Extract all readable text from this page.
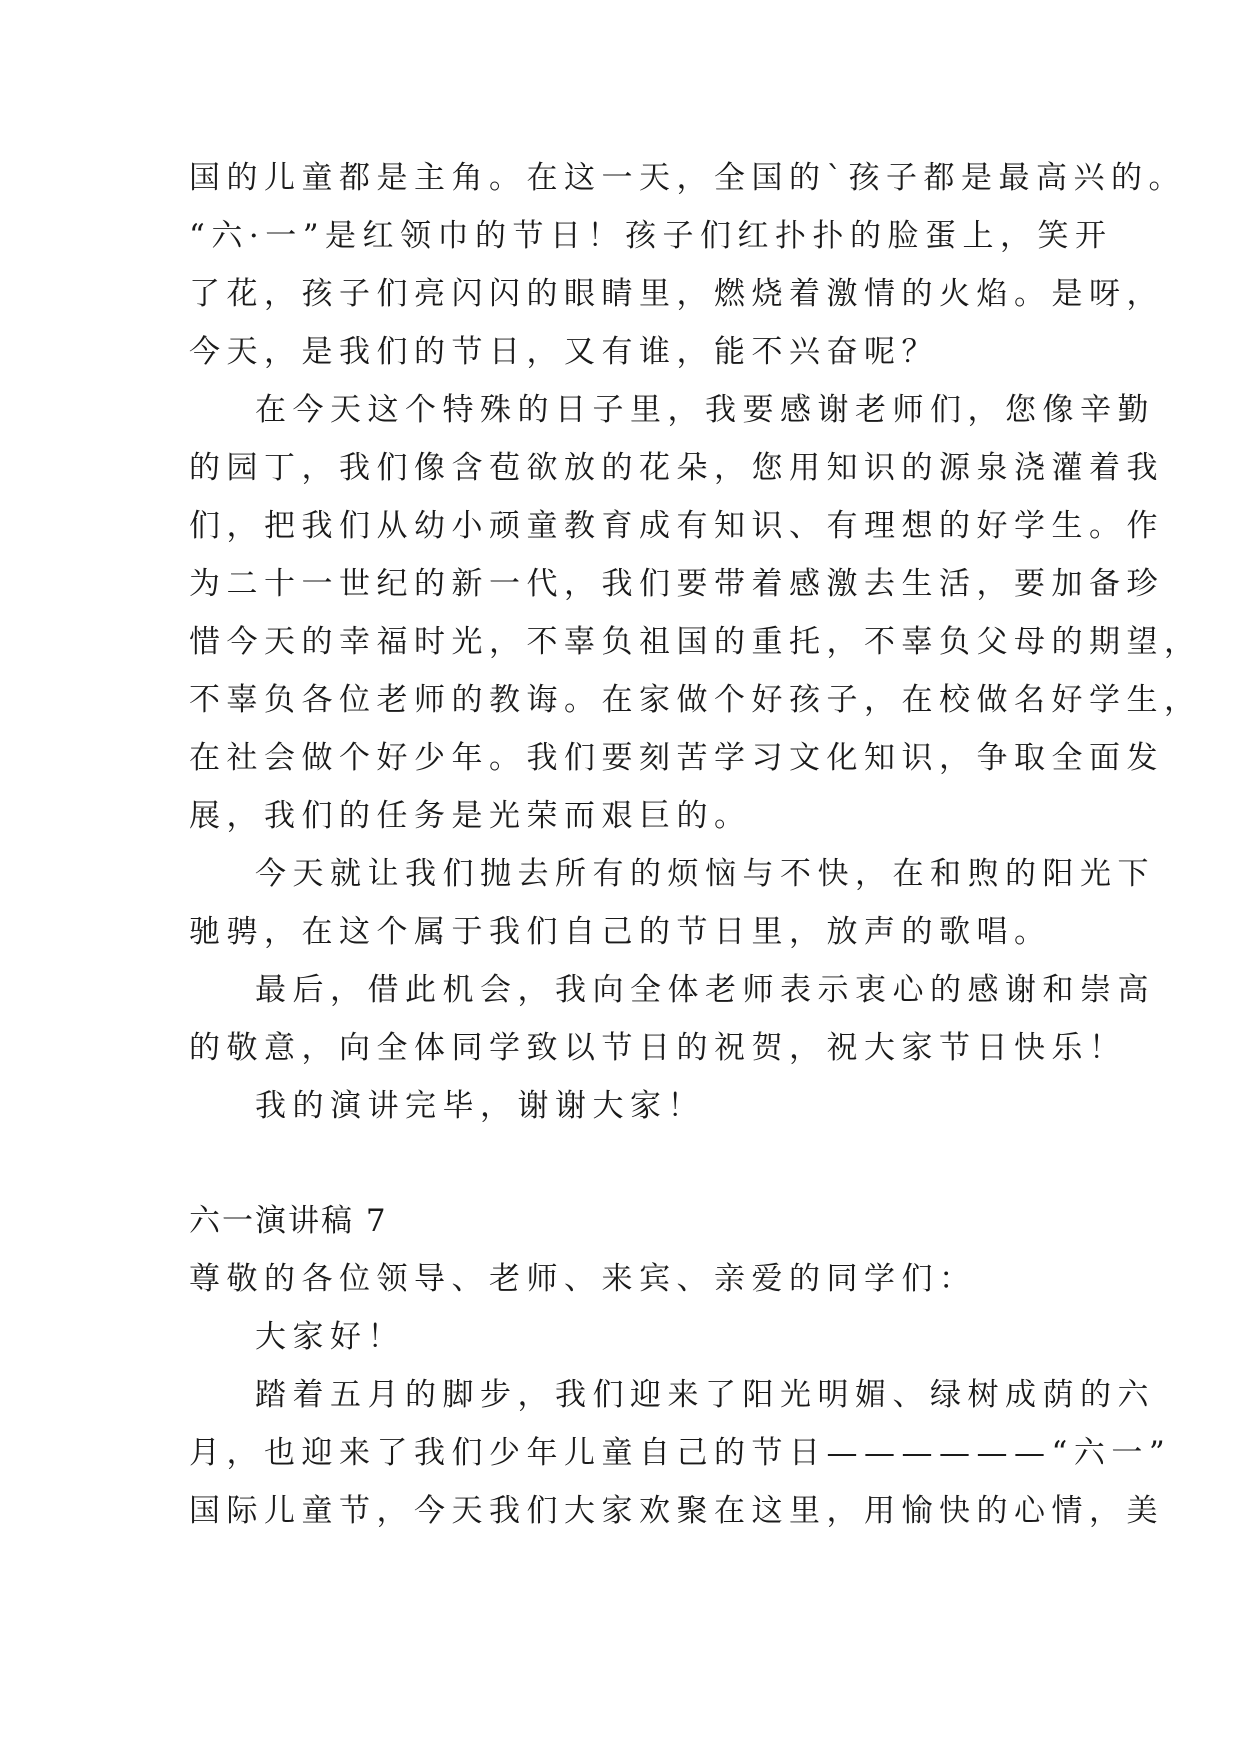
国的儿童都是主角。在这一天，全国的`孩子都是最高兴的。
“六·一”是红领巾的节日！孩子们红扑扑的脸蛋上，笑开
了花，孩子们亮闪闪的眼睛里，燃烧着激情的火焰。是呀，
今天，是我们的节日，又有谁，能不兴奋呢？
在今天这个特殊的日子里，我要感谢老师们，您像辛勤
的园丁，我们像含苞欲放的花朵，您用知识的源泉浇灌着我
们，把我们从幼小顽童教育成有知识、有理想的好学生。作
为二十一世纪的新一代，我们要带着感激去生活，要加备珍
惜今天的幸福时光，不辜负祖国的重托，不辜负父母的期望，
不辜负各位老师的教诲。在家做个好孩子，在校做名好学生，
在社会做个好少年。我们要刻苦学习文化知识，争取全面发
展，我们的任务是光荣而艰巨的。
今天就让我们抛去所有的烦恼与不快，在和煦的阳光下
驰骋，在这个属于我们自己的节日里，放声的歌唱。
最后，借此机会，我向全体老师表示衷心的感谢和崇高
的敬意，向全体同学致以节日的祝贺，祝大家节日快乐！
我的演讲完毕，谢谢大家！
六一演讲稿 7
尊敬的各位领导、老师、来宾、亲爱的同学们：
大家好！
踏着五月的脚步，我们迎来了阳光明媚、绿树成荫的六
月，也迎来了我们少年儿童自己的节日——————“六一”
国际儿童节，今天我们大家欢聚在这里，用愉快的心情，美
